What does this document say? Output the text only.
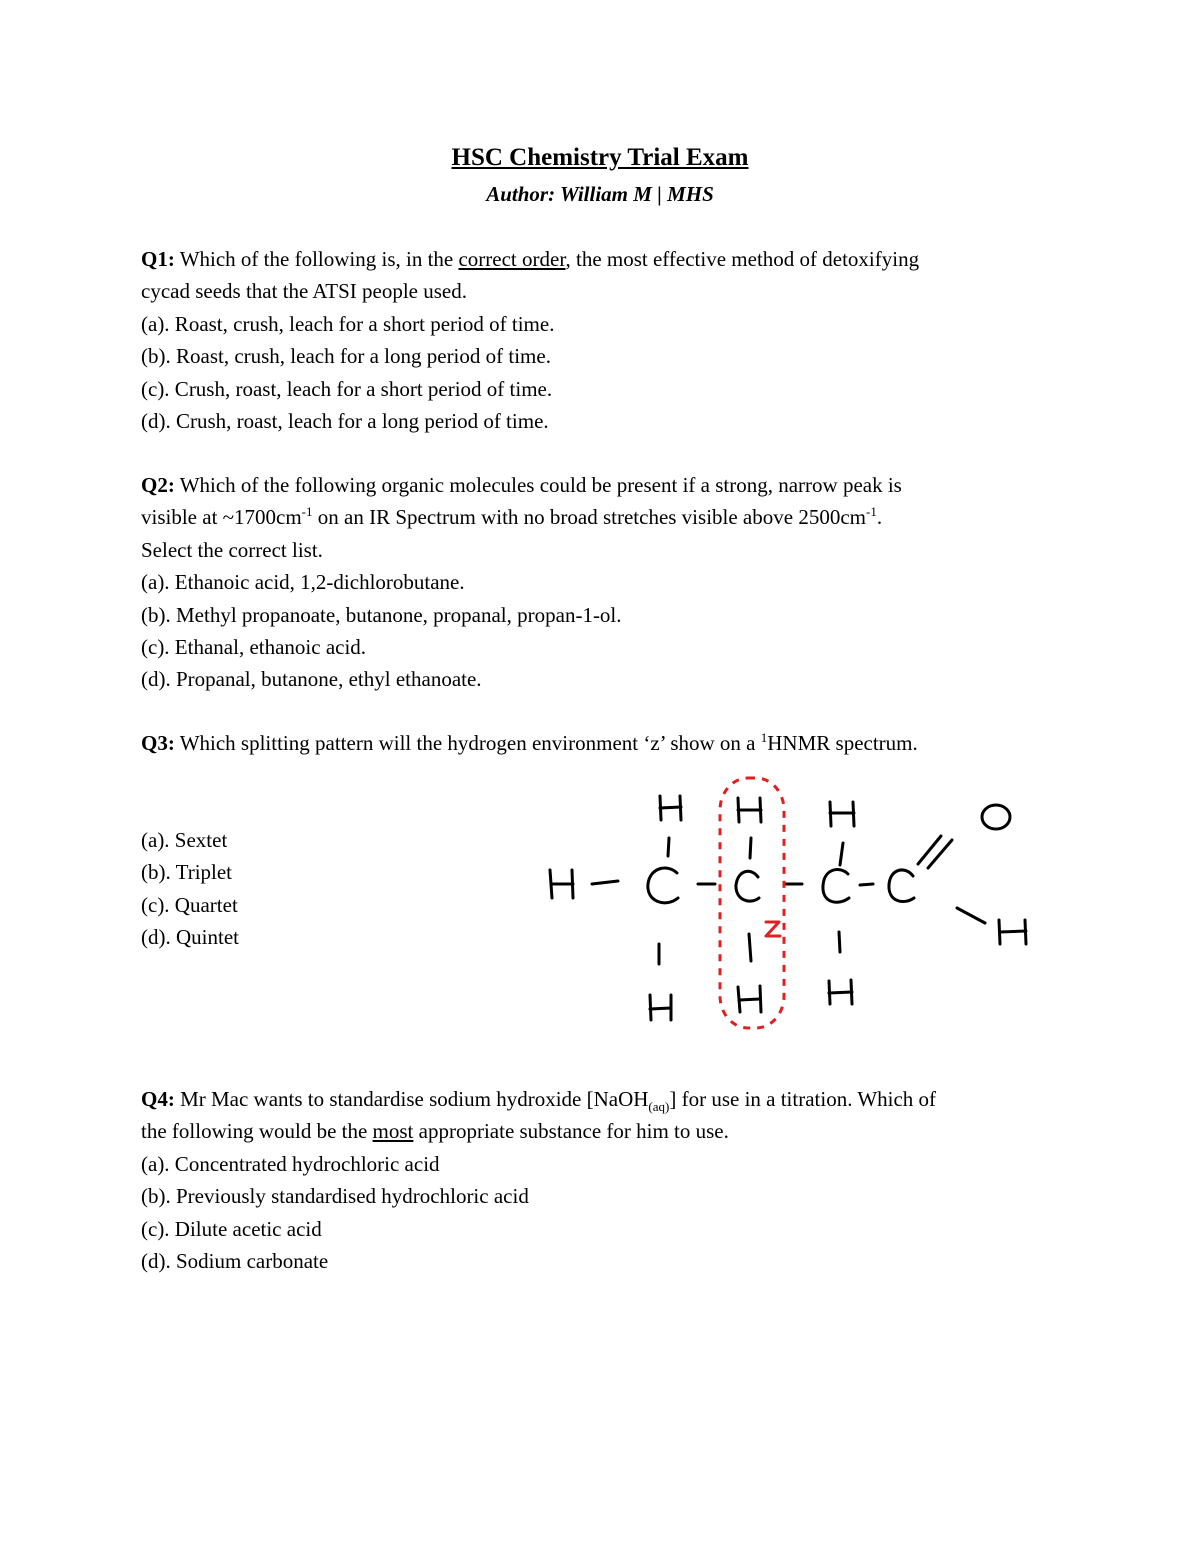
HSC Chemistry Trial Exam
Author: William M | MHS
Q1: Which of the following is, in the correct order, the most effective method of detoxifying
cycad seeds that the ATSI people used.
(a). Roast, crush, leach for a short period of time.
(b). Roast, crush, leach for a long period of time.
(c). Crush, roast, leach for a short period of time.
(d). Crush, roast, leach for a long period of time.
Q2: Which of the following organic molecules could be present if a strong, narrow peak is
visible at $\sim 1700cm^{-1}$ on an IR Spectrum with no broad stretches visible above $2500cm^{-1}$.
Select the correct list.
(a). Ethanoic acid, 1,2-dichlorobutane.
(b). Methyl propanoate, butanone, propanal, propan-1-ol.
(c). Ethanal, ethanoic acid.
(d). Propanal, butanone, ethyl ethanoate.
Q3: Which splitting pattern will the hydrogen environment ‘z’ show on a $^1$HNMR spectrum.
(a). Sextet
(b). Triplet
(c). Quartet
(d). Quintet
Q4: Mr Mac wants to standardise sodium hydroxide [NaOH$_{(aq)}$] for use in a titration. Which of
the following would be the most appropriate substance for him to use.
(a). Concentrated hydrochloric acid
(b). Previously standardised hydrochloric acid
(c). Dilute acetic acid
(d). Sodium carbonate
